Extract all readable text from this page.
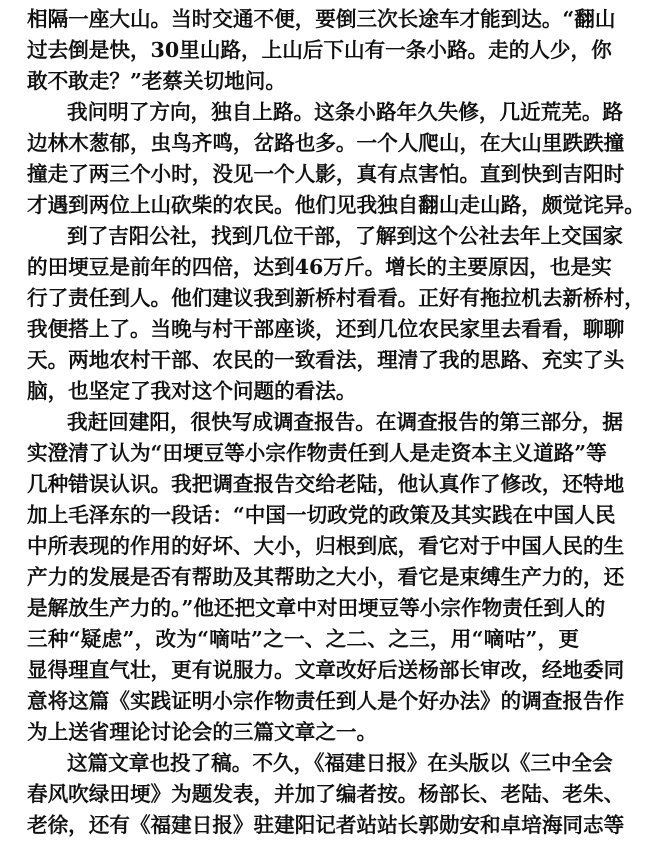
相隔一座大山。当时交通不便，要倒三次长途车才能到达。“翻山
过去倒是快，30里山路，上山后下山有一条小路。走的人少，你
敢不敢走？”老蔡关切地问。
我问明了方向，独自上路。这条小路年久失修，几近荒芜。路
边林木葱郁，虫鸟齐鸣，岔路也多。一个人爬山，在大山里跌跌撞
撞走了两三个小时，没见一个人影，真有点害怕。直到快到吉阳时
才遇到两位上山砍柴的农民。他们见我独自翻山走山路，颇觉诧异。
到了吉阳公社，找到几位干部，了解到这个公社去年上交国家
的田埂豆是前年的四倍，达到46万斤。增长的主要原因，也是实
行了责任到人。他们建议我到新桥村看看。正好有拖拉机去新桥村，
我便搭上了。当晚与村干部座谈，还到几位农民家里去看看，聊聊
天。两地农村干部、农民的一致看法，理清了我的思路、充实了头
脑，也坚定了我对这个问题的看法。
我赶回建阳，很快写成调查报告。在调查报告的第三部分，据
实澄清了认为“田埂豆等小宗作物责任到人是走资本主义道路”等
几种错误认识。我把调查报告交给老陆，他认真作了修改，还特地
加上毛泽东的一段话：“中国一切政党的政策及其实践在中国人民
中所表现的作用的好坏、大小，归根到底，看它对于中国人民的生
产力的发展是否有帮助及其帮助之大小，看它是束缚生产力的，还
是解放生产力的。”他还把文章中对田埂豆等小宗作物责任到人的
三种“疑虑”，改为“嘀咕”之一、之二、之三，用“嘀咕”，更
显得理直气壮，更有说服力。文章改好后送杨部长审改，经地委同
意将这篇《实践证明小宗作物责任到人是个好办法》的调查报告作
为上送省理论讨论会的三篇文章之一。
这篇文章也投了稿。不久，《福建日报》在头版以《三中全会
春风吹绿田埂》为题发表，并加了编者按。杨部长、老陆、老朱、
老徐，还有《福建日报》驻建阳记者站站长郭勋安和卓培海同志等
